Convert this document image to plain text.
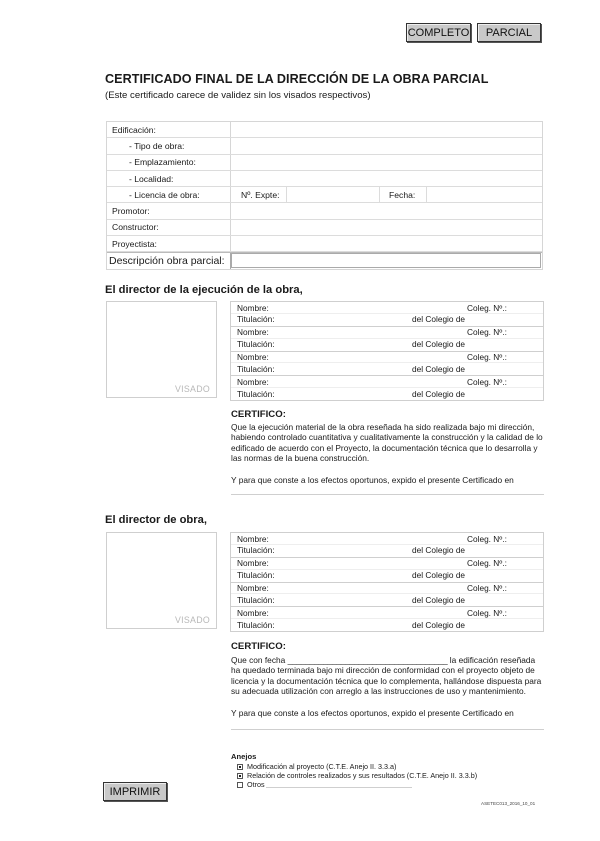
COMPLETO	PARCIAL
CERTIFICADO FINAL DE LA DIRECCIÓN DE LA OBRA PARCIAL
(Este certificado carece de validez sin los visados respectivos)
Edificación:
- Tipo de obra:
- Emplazamiento:
- Localidad:
- Licencia de obra:	Nº. Expte:	Fecha:
Promotor:
Constructor:
Proyectista:
Descripción obra parcial:
El director de la ejecución de la obra,
VISADO
Nombre:	Coleg. Nº.:
Titulación:	del Colegio de
Nombre:	Coleg. Nº.:
Titulación:	del Colegio de
Nombre:	Coleg. Nº.:
Titulación:	del Colegio de
Nombre:	Coleg. Nº.:
Titulación:	del Colegio de
CERTIFICO:
Que la ejecución material de la obra reseñada ha sido realizada bajo mi dirección, habiendo controlado cuantitativa y cualitativamente la construcción y la calidad de lo edificado de acuerdo con el Proyecto, la documentación técnica que lo desarrolla y las normas de la buena construcción.
Y para que conste a los efectos oportunos, expido el presente Certificado en
El director de obra,
VISADO
Nombre:	Coleg. Nº.:
Titulación:	del Colegio de
Nombre:	Coleg. Nº.:
Titulación:	del Colegio de
Nombre:	Coleg. Nº.:
Titulación:	del Colegio de
Nombre:	Coleg. Nº.:
Titulación:	del Colegio de
CERTIFICO:
Que con fecha ____________________________________ la edificación reseñada ha quedado terminada bajo mi dirección de conformidad con el proyecto objeto de licencia y la documentación técnica que lo complementa, hallándose dispuesta para su adecuada utilización con arreglo a las instrucciones de uso y mantenimiento.
Y para que conste a los efectos oportunos, expido el presente Certificado en
Anejos
Modificación al proyecto (C.T.E. Anejo II. 3.3.a)
Relación de controles realizados y sus resultados (C.T.E. Anejo II. 3.3.b)
Otros
IMPRIMIR
ASETEC013_2016_10_01
